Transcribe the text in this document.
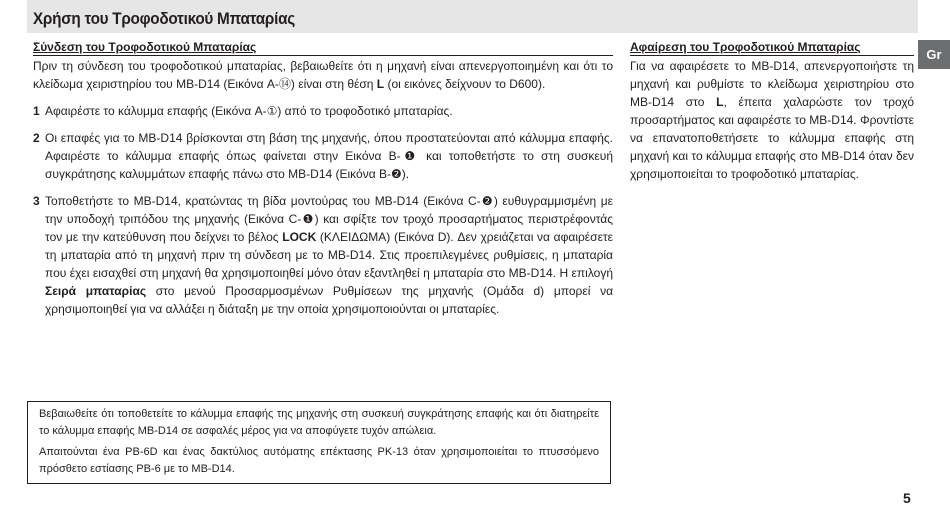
Χρήση του Τροφοδοτικού Μπαταρίας
Gr
Σύνδεση του Τροφοδοτικού Μπαταρίας

Πριν τη σύνδεση του τροφοδοτικού μπαταρίας, βεβαιωθείτε ότι η μηχανή είναι απενεργοποιημένη και ότι το κλείδωμα χειριστηρίου του MB-D14 (Εικόνα A-⑭) είναι στη θέση L (οι εικόνες δείχνουν το D600).

1 Αφαιρέστε το κάλυμμα επαφής (Εικόνα A-①) από το τροφοδοτικό μπαταρίας.

2 Οι επαφές για το MB-D14 βρίσκονται στη βάση της μηχανής, όπου προστατεύονται από κάλυμμα επαφής. Αφαιρέστε το κάλυμμα επαφής όπως φαίνεται στην Εικόνα B-❶ και τοποθετήστε το στη συσκευή συγκράτησης καλυμμάτων επαφής πάνω στο MB-D14 (Εικόνα B-❷).

3 Τοποθετήστε το MB-D14, κρατώντας τη βίδα μοντούρας του MB-D14 (Εικόνα C-❷) ευθυγραμμισμένη με την υποδοχή τριπόδου της μηχανής (Εικόνα C-❶) και σφίξτε τον τροχό προσαρτήματος περιστρέφοντάς τον με την κατεύθυνση που δείχνει το βέλος LOCK (ΚΛΕΙΔΩΜΑ) (Εικόνα D). Δεν χρειάζεται να αφαιρέσετε τη μπαταρία από τη μηχανή πριν τη σύνδεση με το MB-D14. Στις προεπιλεγμένες ρυθμίσεις, η μπαταρία που έχει εισαχθεί στη μηχανή θα χρησιμοποιηθεί μόνο όταν εξαντληθεί η μπαταρία στο MB-D14. Η επιλογή Σειρά μπαταρίας στο μενού Προσαρμοσμένων Ρυθμίσεων της μηχανής (Ομάδα d) μπορεί να χρησιμοποιηθεί για να αλλάξει η διάταξη με την οποία χρησιμοποιούνται οι μπαταρίες.

Βεβαιωθείτε ότι τοποθετείτε το κάλυμμα επαφής της μηχανής στη συσκευή συγκράτησης επαφής και ότι διατηρείτε το κάλυμμα επαφής MB-D14 σε ασφαλές μέρος για να αποφύγετε τυχόν απώλεια.

Απαιτούνται ένα PB-6D και ένας δακτύλιος αυτόματης επέκτασης PK-13 όταν χρησιμοποιείται το πτυσσόμενο πρόσθετο εστίασης PB-6 με το MB-D14.

Αφαίρεση του Τροφοδοτικού Μπαταρίας

Για να αφαιρέσετε το MB-D14, απενεργοποιήστε τη μηχανή και ρυθμίστε το κλείδωμα χειριστηρίου στο MB-D14 στο L, έπειτα χαλαρώστε τον τροχό προσαρτήματος και αφαιρέστε το MB-D14. Φροντίστε να επανατοποθετήσετε το κάλυμμα επαφής στη μηχανή και το κάλυμμα επαφής στο MB-D14 όταν δεν χρησιμοποιείται το τροφοδοτικό μπαταρίας.

5
